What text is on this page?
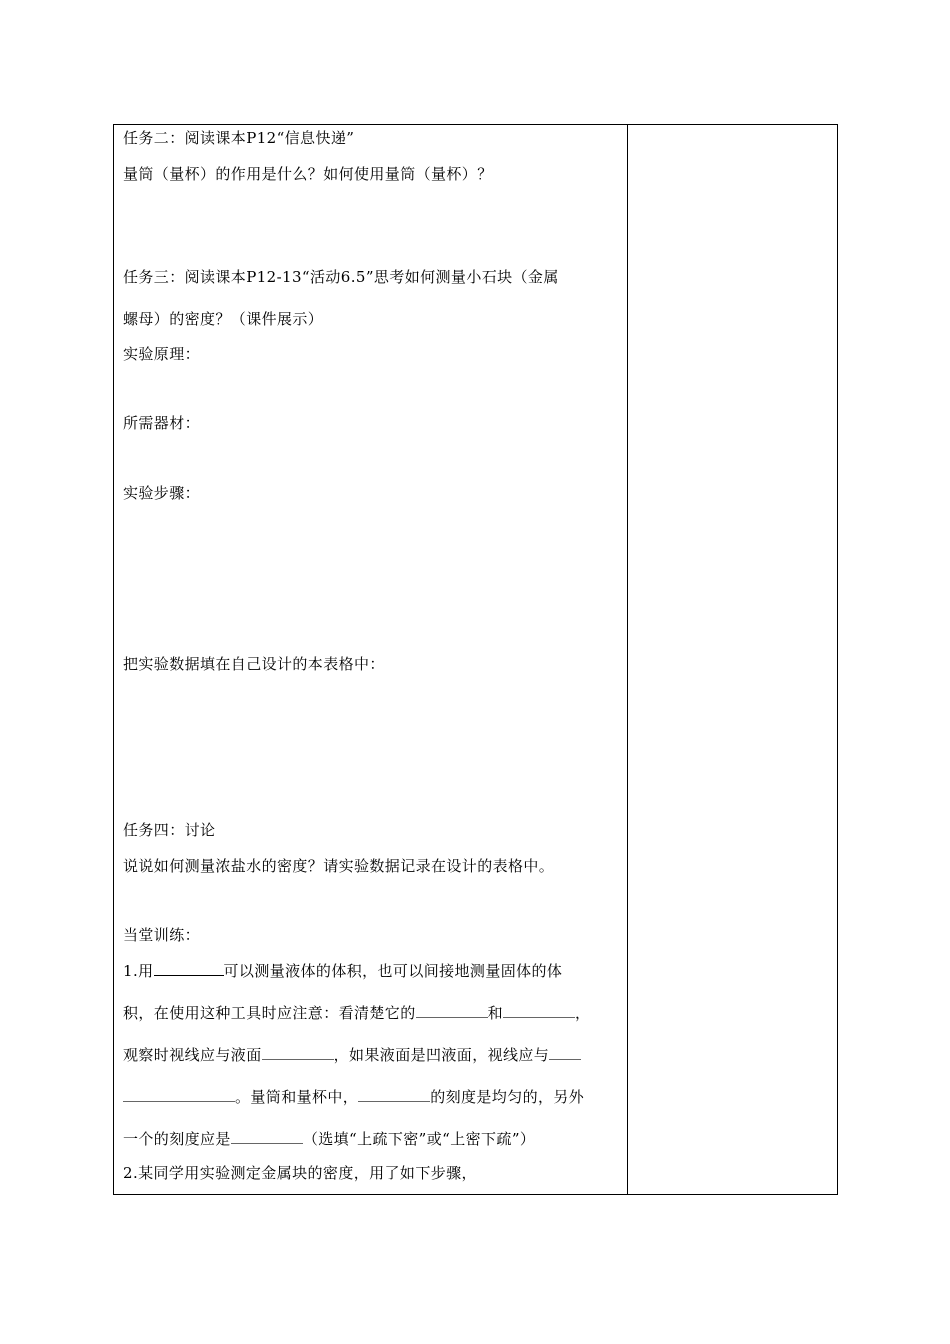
任务二：阅读课本P12“信息快递”
量筒（量杯）的作用是什么？如何使用量筒（量杯）？
任务三：阅读课本P12-13“活动6.5”思考如何测量小石块（金属
螺母）的密度？（课件展示）
实验原理：
所需器材：
实验步骤：
把实验数据填在自己设计的本表格中：
任务四：讨论
说说如何测量浓盐水的密度？请实验数据记录在设计的表格中。
当堂训练：
1.用	可以测量液体的体积，也可以间接地测量固体的体
积，在使用这种工具时应注意：看清楚它的	和	，
观察时视线应与液面	，如果液面是凹液面，视线应与
。量筒和量杯中，	的刻度是均匀的，另外
一个的刻度应是	（选填“上疏下密”或“上密下疏”）
2.某同学用实验测定金属块的密度，用了如下步骤，
